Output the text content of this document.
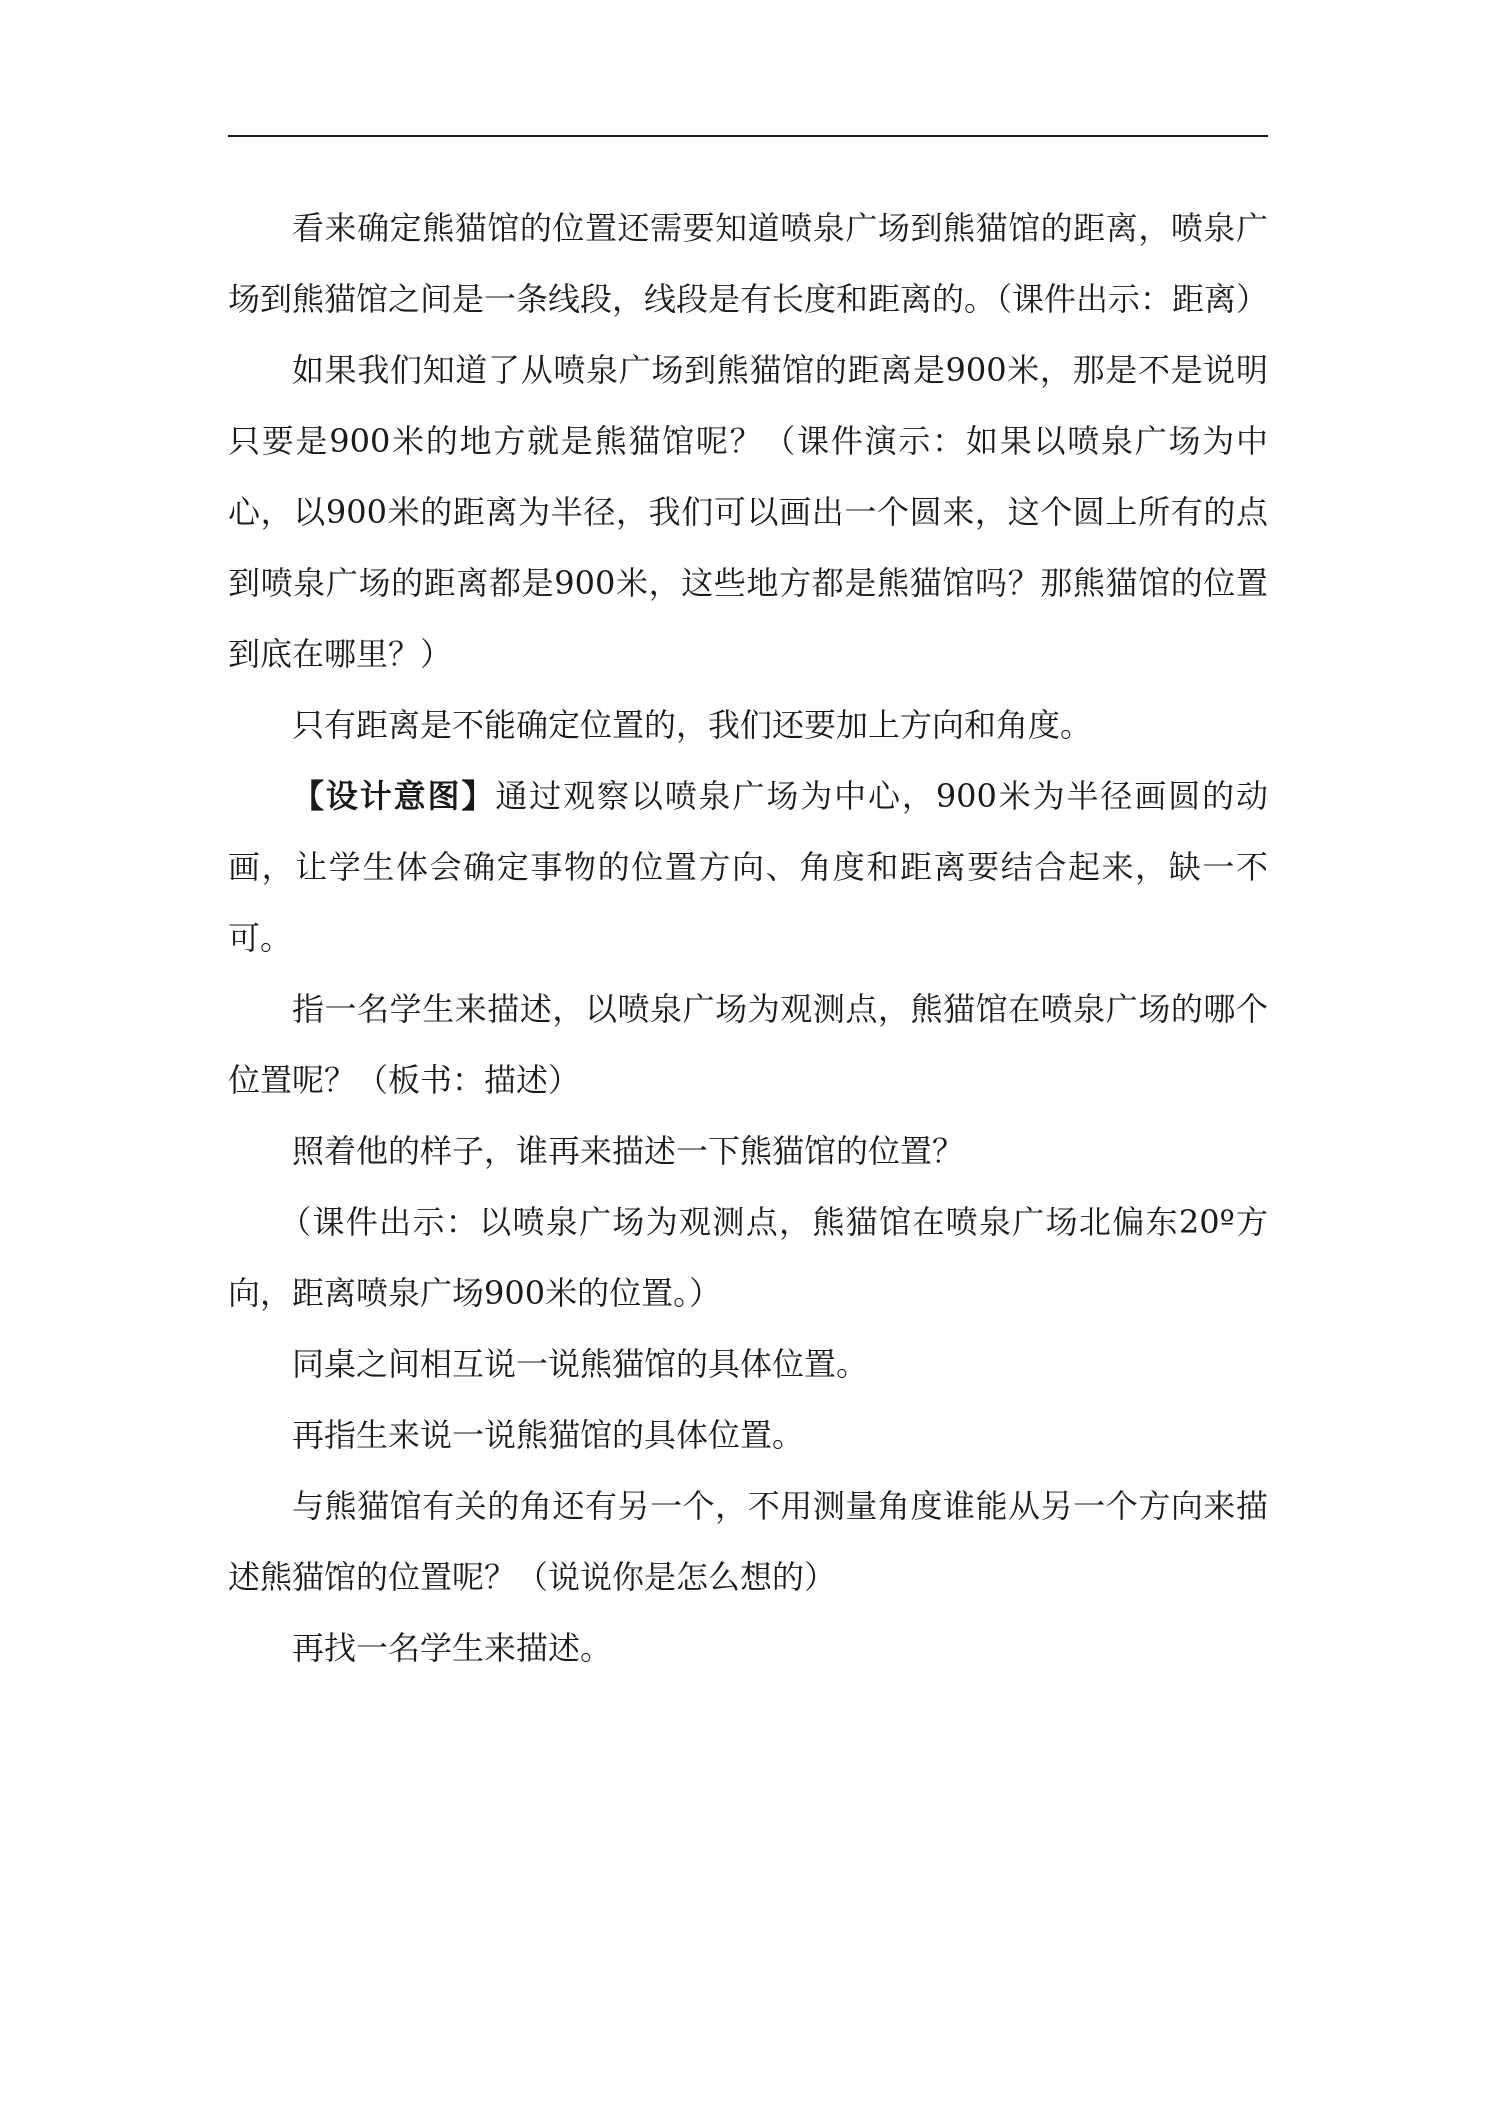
看来确定熊猫馆的位置还需要知道喷泉广场到熊猫馆的距离，喷泉广场到熊猫馆之间是一条线段，线段是有长度和距离的。（课件出示：距离）

如果我们知道了从喷泉广场到熊猫馆的距离是900米，那是不是说明只要是900米的地方就是熊猫馆呢？（课件演示：如果以喷泉广场为中心，以900米的距离为半径，我们可以画出一个圆来，这个圆上所有的点到喷泉广场的距离都是900米，这些地方都是熊猫馆吗？那熊猫馆的位置到底在哪里？）

只有距离是不能确定位置的，我们还要加上方向和角度。

【设计意图】通过观察以喷泉广场为中心，900米为半径画圆的动画，让学生体会确定事物的位置方向、角度和距离要结合起来，缺一不可。

指一名学生来描述，以喷泉广场为观测点，熊猫馆在喷泉广场的哪个位置呢？（板书：描述）

照着他的样子，谁再来描述一下熊猫馆的位置？

（课件出示：以喷泉广场为观测点，熊猫馆在喷泉广场北偏东20º方向，距离喷泉广场900米的位置。）

同桌之间相互说一说熊猫馆的具体位置。

再指生来说一说熊猫馆的具体位置。

与熊猫馆有关的角还有另一个，不用测量角度谁能从另一个方向来描述熊猫馆的位置呢？（说说你是怎么想的）

再找一名学生来描述。
